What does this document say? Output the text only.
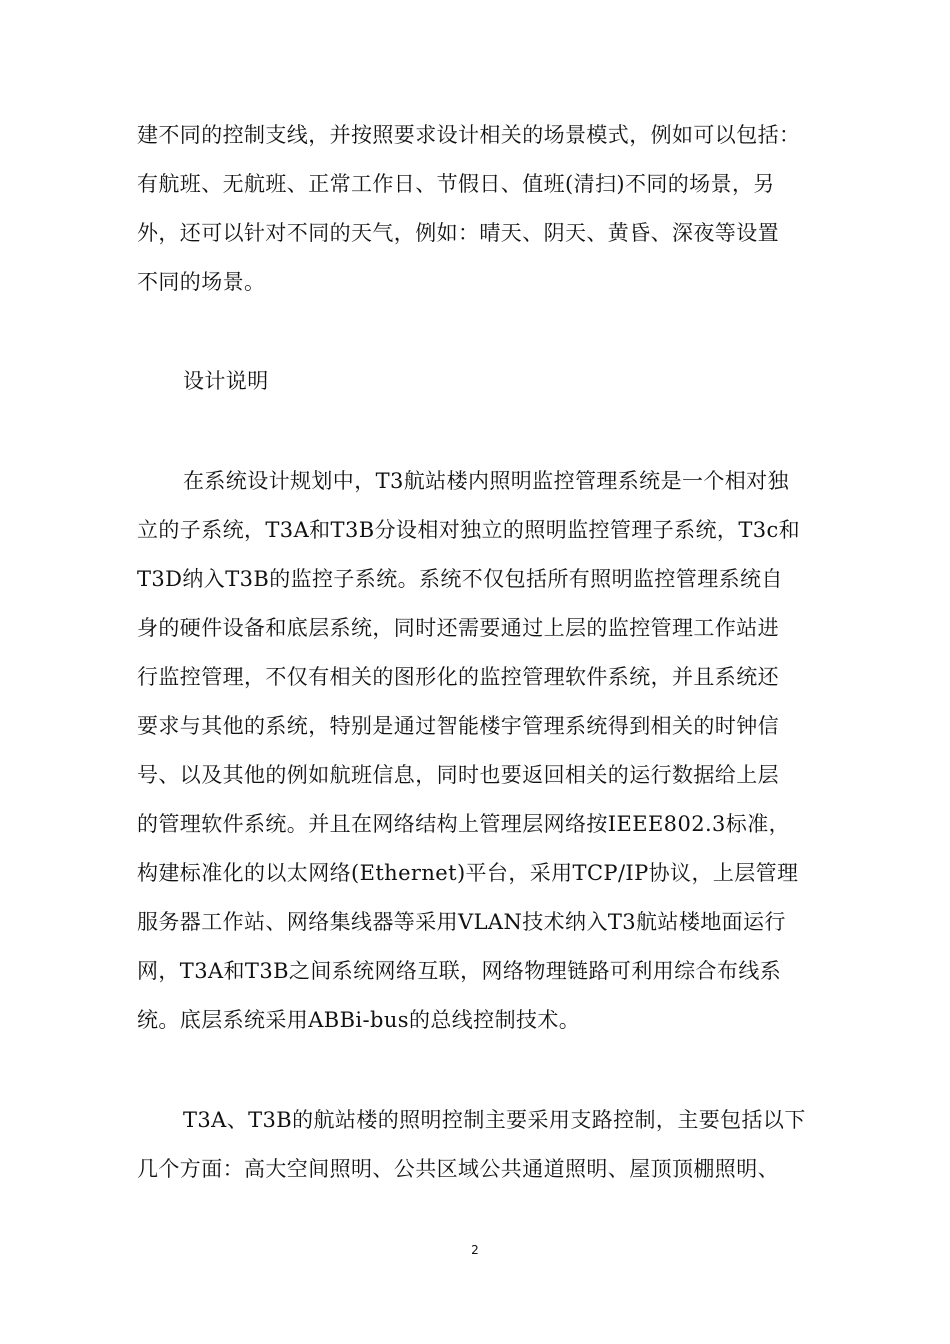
建不同的控制支线，并按照要求设计相关的场景模式，例如可以包括：
有航班、无航班、正常工作日、节假日、值班(清扫)不同的场景，另
外，还可以针对不同的天气，例如：晴天、阴天、黄昏、深夜等设置
不同的场景。
设计说明
在系统设计规划中，T3航站楼内照明监控管理系统是一个相对独
立的子系统，T3A和T3B分设相对独立的照明监控管理子系统，T3c和
T3D纳入T3B的监控子系统。系统不仅包括所有照明监控管理系统自
身的硬件设备和底层系统，同时还需要通过上层的监控管理工作站进
行监控管理，不仅有相关的图形化的监控管理软件系统，并且系统还
要求与其他的系统，特别是通过智能楼宇管理系统得到相关的时钟信
号、以及其他的例如航班信息，同时也要返回相关的运行数据给上层
的管理软件系统。并且在网络结构上管理层网络按IEEE802.3标准，
构建标准化的以太网络(Ethernet)平台，采用TCP/IP协议，上层管理
服务器工作站、网络集线器等采用VLAN技术纳入T3航站楼地面运行
网，T3A和T3B之间系统网络互联，网络物理链路可利用综合布线系
统。底层系统采用ABBi-bus的总线控制技术。
T3A、T3B的航站楼的照明控制主要采用支路控制，主要包括以下
几个方面：高大空间照明、公共区域公共通道照明、屋顶顶棚照明、
2
